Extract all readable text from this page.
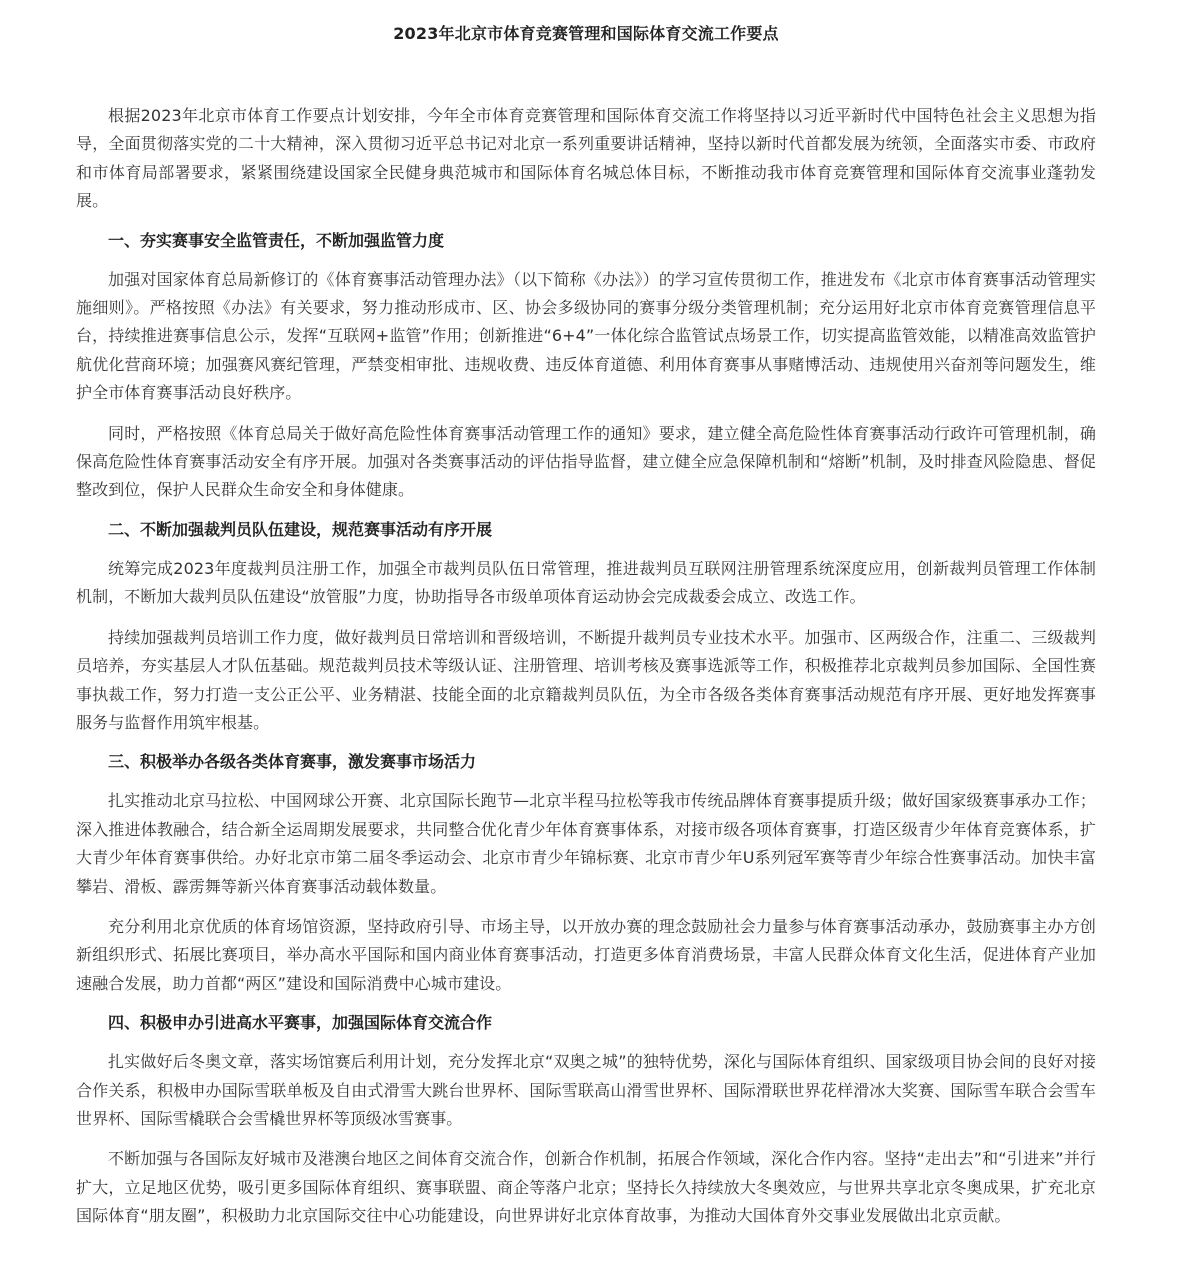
2023年北京市体育竞赛管理和国际体育交流工作要点

根据2023年北京市体育工作要点计划安排，今年全市体育竞赛管理和国际体育交流工作将坚持以习近平新时代中国特色社会主义思想为指导，全面贯彻落实党的二十大精神，深入贯彻习近平总书记对北京一系列重要讲话精神，坚持以新时代首都发展为统领，全面落实市委、市政府和市体育局部署要求，紧紧围绕建设国家全民健身典范城市和国际体育名城总体目标，不断推动我市体育竞赛管理和国际体育交流事业蓬勃发展。

一、夯实赛事安全监管责任，不断加强监管力度

加强对国家体育总局新修订的《体育赛事活动管理办法》（以下简称《办法》）的学习宣传贯彻工作，推进发布《北京市体育赛事活动管理实施细则》。严格按照《办法》有关要求，努力推动形成市、区、协会多级协同的赛事分级分类管理机制；充分运用好北京市体育竞赛管理信息平台，持续推进赛事信息公示，发挥“互联网+监管”作用；创新推进“6+4”一体化综合监管试点场景工作，切实提高监管效能，以精准高效监管护航优化营商环境；加强赛风赛纪管理，严禁变相审批、违规收费、违反体育道德、利用体育赛事从事赌博活动、违规使用兴奋剂等问题发生，维护全市体育赛事活动良好秩序。

同时，严格按照《体育总局关于做好高危险性体育赛事活动管理工作的通知》要求，建立健全高危险性体育赛事活动行政许可管理机制，确保高危险性体育赛事活动安全有序开展。加强对各类赛事活动的评估指导监督，建立健全应急保障机制和“熔断”机制，及时排查风险隐患、督促整改到位，保护人民群众生命安全和身体健康。

二、不断加强裁判员队伍建设，规范赛事活动有序开展

统筹完成2023年度裁判员注册工作，加强全市裁判员队伍日常管理，推进裁判员互联网注册管理系统深度应用，创新裁判员管理工作体制机制，不断加大裁判员队伍建设“放管服”力度，协助指导各市级单项体育运动协会完成裁委会成立、改选工作。

持续加强裁判员培训工作力度，做好裁判员日常培训和晋级培训，不断提升裁判员专业技术水平。加强市、区两级合作，注重二、三级裁判员培养，夯实基层人才队伍基础。规范裁判员技术等级认证、注册管理、培训考核及赛事选派等工作，积极推荐北京裁判员参加国际、全国性赛事执裁工作，努力打造一支公正公平、业务精湛、技能全面的北京籍裁判员队伍，为全市各级各类体育赛事活动规范有序开展、更好地发挥赛事服务与监督作用筑牢根基。

三、积极举办各级各类体育赛事，激发赛事市场活力

扎实推动北京马拉松、中国网球公开赛、北京国际长跑节—北京半程马拉松等我市传统品牌体育赛事提质升级；做好国家级赛事承办工作；深入推进体教融合，结合新全运周期发展要求，共同整合优化青少年体育赛事体系，对接市级各项体育赛事，打造区级青少年体育竞赛体系，扩大青少年体育赛事供给。办好北京市第二届冬季运动会、北京市青少年锦标赛、北京市青少年U系列冠军赛等青少年综合性赛事活动。加快丰富攀岩、滑板、霹雳舞等新兴体育赛事活动载体数量。

充分利用北京优质的体育场馆资源，坚持政府引导、市场主导，以开放办赛的理念鼓励社会力量参与体育赛事活动承办，鼓励赛事主办方创新组织形式、拓展比赛项目，举办高水平国际和国内商业体育赛事活动，打造更多体育消费场景，丰富人民群众体育文化生活，促进体育产业加速融合发展，助力首都“两区”建设和国际消费中心城市建设。

四、积极申办引进高水平赛事，加强国际体育交流合作

扎实做好后冬奥文章，落实场馆赛后利用计划，充分发挥北京“双奥之城”的独特优势，深化与国际体育组织、国家级项目协会间的良好对接合作关系，积极申办国际雪联单板及自由式滑雪大跳台世界杯、国际雪联高山滑雪世界杯、国际滑联世界花样滑冰大奖赛、国际雪车联合会雪车世界杯、国际雪橇联合会雪橇世界杯等顶级冰雪赛事。

不断加强与各国际友好城市及港澳台地区之间体育交流合作，创新合作机制，拓展合作领域，深化合作内容。坚持“走出去”和“引进来”并行扩大，立足地区优势，吸引更多国际体育组织、赛事联盟、商企等落户北京；坚持长久持续放大冬奥效应，与世界共享北京冬奥成果，扩充北京国际体育“朋友圈”，积极助力北京国际交往中心功能建设，向世界讲好北京体育故事，为推动大国体育外交事业发展做出北京贡献。
